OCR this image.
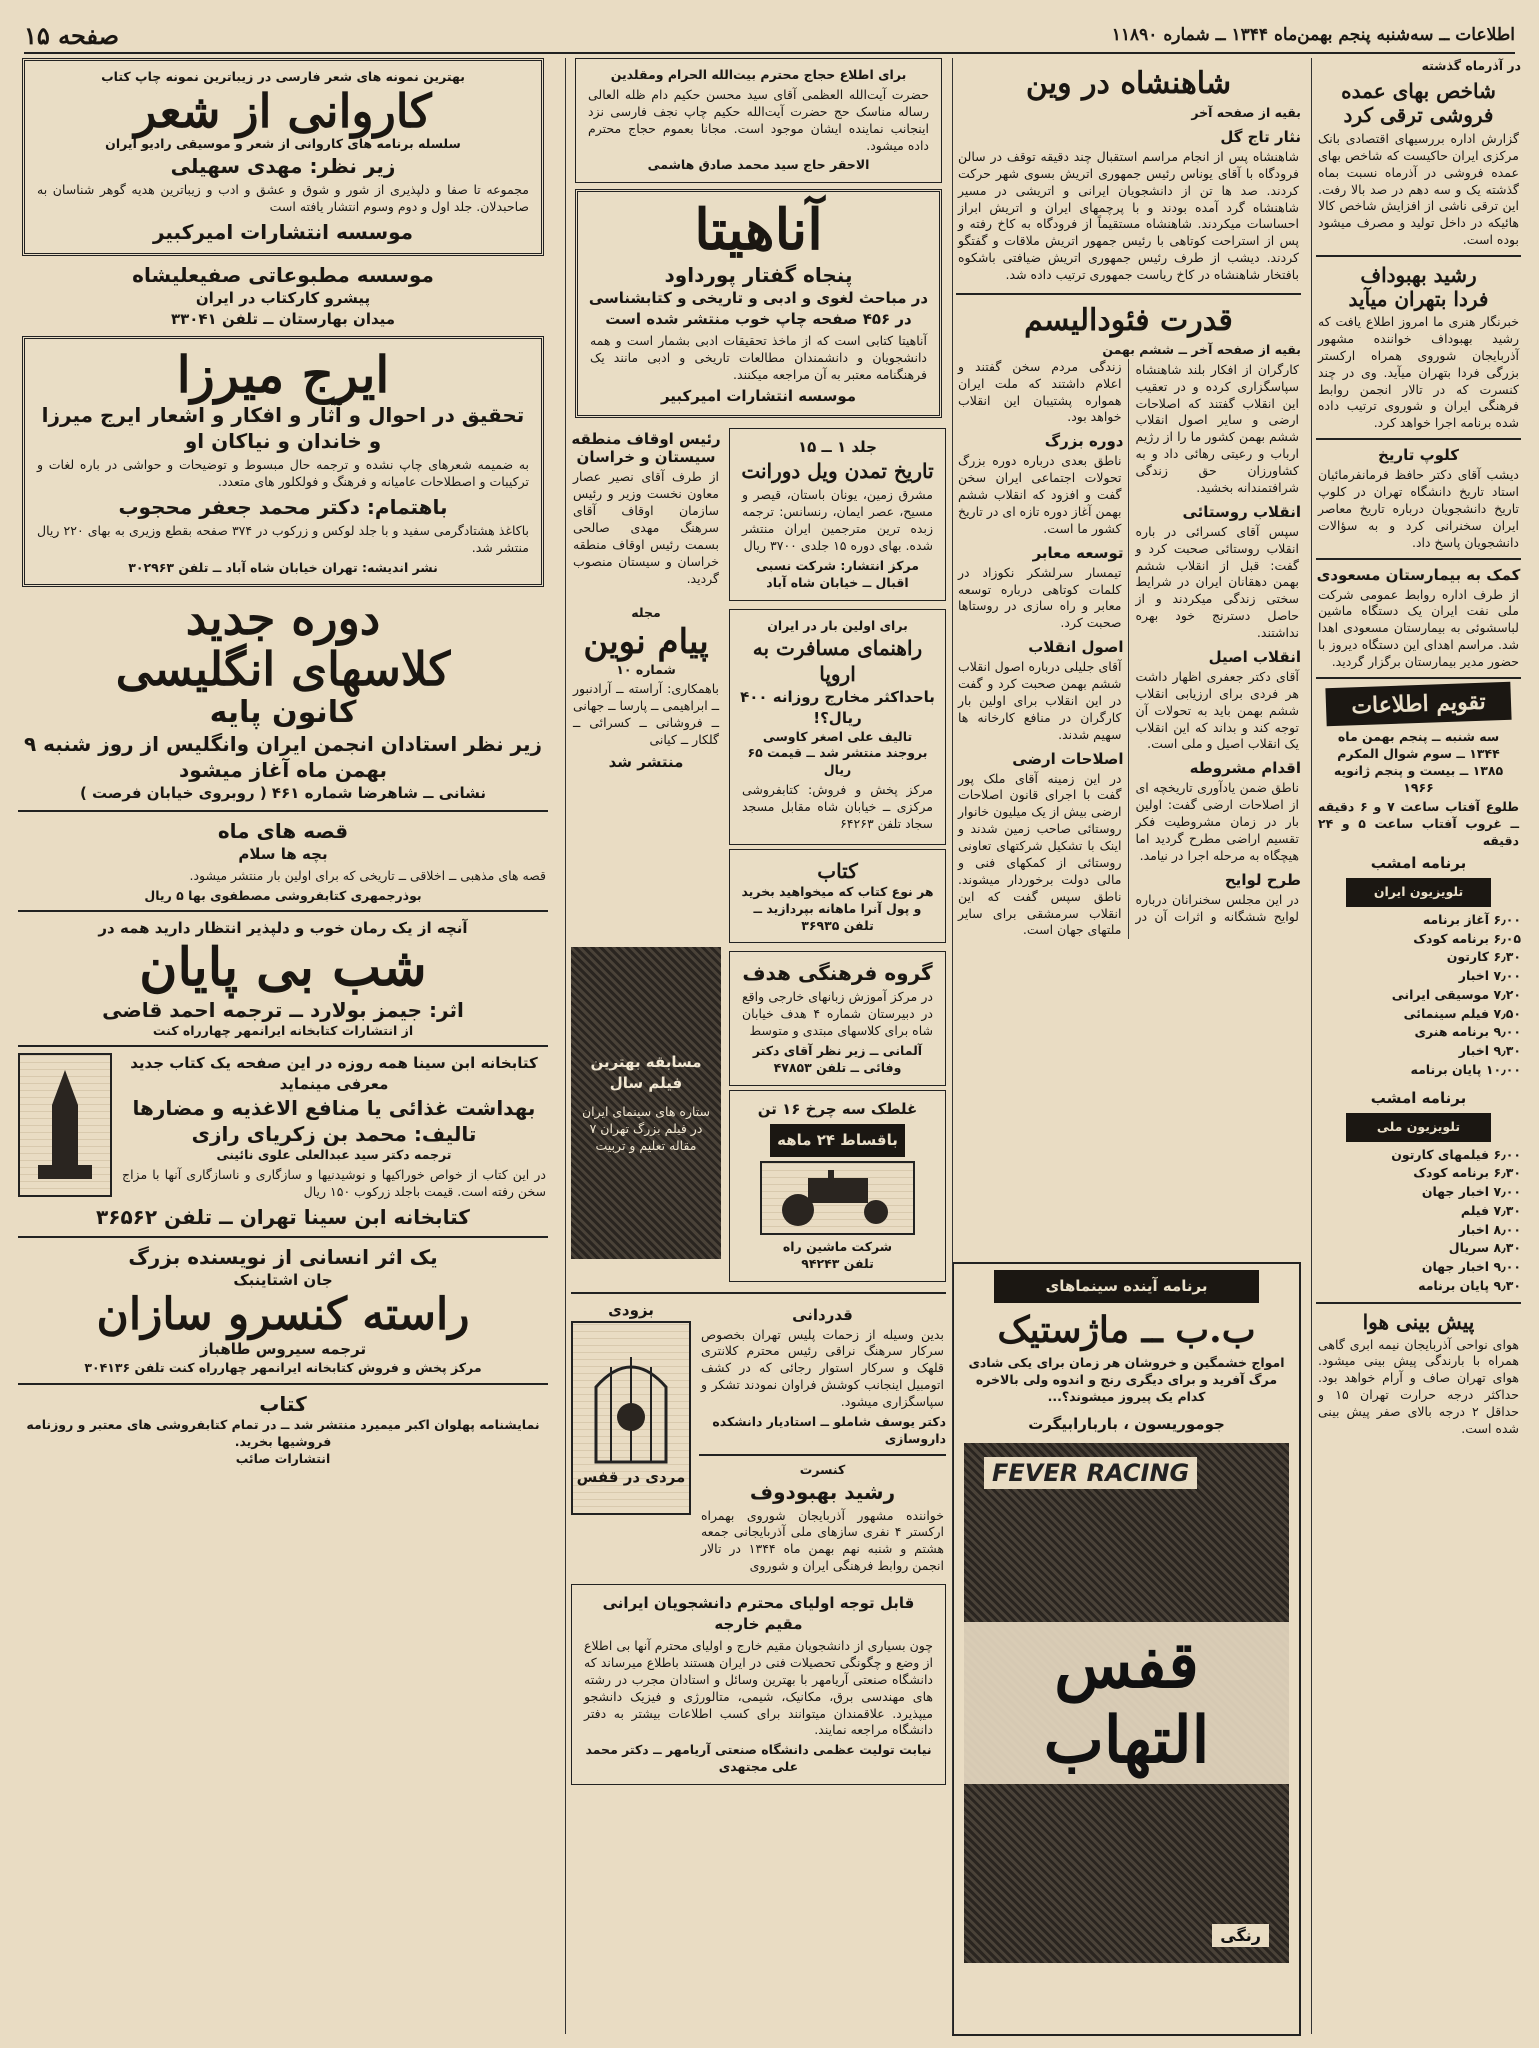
اطلاعات ــ سه‌شنبه پنجم بهمن‌ماه ۱۳۴۴ ــ شماره ۱۱۸۹۰
صفحه ۱۵
در آذرماه گذشته
شاخص بهای عمده فروشی ترقی کرد

گزارش اداره بررسیهای اقتصادی بانک مرکزی ایران حاکیست که شاخص بهای عمده فروشی در آذرماه نسبت بماه گذشته یک و سه دهم در صد بالا رفت. این ترقی ناشی از افزایش شاخص کالا هائیکه در داخل تولید و مصرف میشود بوده است.

رشید بهبوداف
فردا بتهران میآید

خبرنگار هنری ما امروز اطلاع یافت که رشید بهبوداف خواننده مشهور آذربایجان شوروی همراه ارکستر بزرگی فردا بتهران میآید. وی در چند کنسرت که در تالار انجمن روابط فرهنگی ایران و شوروی ترتیب داده شده برنامه اجرا خواهد کرد.

کلوپ تاریخ

دیشب آقای دکتر حافظ فرمانفرمائیان استاد تاریخ دانشگاه تهران در کلوپ تاریخ دانشجویان درباره تاریخ معاصر ایران سخنرانی کرد و به سؤالات دانشجویان پاسخ داد.

کمک به بیمارستان مسعودی

از طرف اداره روابط عمومی شرکت ملی نفت ایران یک دستگاه ماشین لباسشوئی به بیمارستان مسعودی اهدا شد. مراسم اهدای این دستگاه دیروز با حضور مدیر بیمارستان برگزار گردید.

تقویم اطلاعات
سه شنبه ــ پنجم بهمن ماه
۱۳۴۴ ــ سوم شوال المکرم
۱۳۸۵ ــ بیست و پنجم ژانویه
۱۹۶۶

طلوع آفتاب ساعت ۷ و ۶ دقیقه ــ غروب آفتاب ساعت ۵ و ۲۴ دقیقه

برنامه امشب
تلویزیون ایران
۶٫۰۰ آغاز برنامه
۶٫۰۵ برنامه کودک
۶٫۳۰ کارتون
۷٫۰۰ اخبار
۷٫۲۰ موسیقی ایرانی
۷٫۵۰ فیلم سینمائی
۹٫۰۰ برنامه هنری
۹٫۳۰ اخبار
۱۰٫۰۰ پایان برنامه
برنامه امشب
تلویزیون ملی
۶٫۰۰ فیلمهای کارتون
۶٫۳۰ برنامه کودک
۷٫۰۰ اخبار جهان
۷٫۳۰ فیلم
۸٫۰۰ اخبار
۸٫۳۰ سریال
۹٫۰۰ اخبار جهان
۹٫۳۰ پایان برنامه
پیش بینی هوا

هوای نواحی آذربایجان نیمه ابری گاهی همراه با بارندگی پیش بینی میشود. هوای تهران صاف و آرام خواهد بود. حداکثر درجه حرارت تهران ۱۵ و حداقل ۲ درجه بالای صفر پیش بینی شده است.

شاهنشاه در وین
بقیه از صفحه آخر
نثار تاج گل

شاهنشاه پس از انجام مراسم استقبال چند دقیقه توقف در سالن فرودگاه با آقای یوناس رئیس جمهوری اتریش بسوی شهر حرکت کردند. صد ها تن از دانشجویان ایرانی و اتریشی در مسیر شاهنشاه گرد آمده بودند و با پرچمهای ایران و اتریش ابراز احساسات میکردند. شاهنشاه مستقیماً از فرودگاه به کاخ رفته و پس از استراحت کوتاهی با رئیس جمهور اتریش ملاقات و گفتگو کردند. دیشب از طرف رئیس جمهوری اتریش ضیافتی باشکوه بافتخار شاهنشاه در کاخ ریاست جمهوری ترتیب داده شد.

قدرت فئودالیسم
بقیه از صفحه آخر ــ ششم بهمن

کارگران از افکار بلند شاهنشاه سپاسگزاری کرده و در تعقیب این انقلاب گفتند که اصلاحات ارضی و سایر اصول انقلاب ششم بهمن کشور ما را از رژیم ارباب و رعیتی رهائی داد و به کشاورزان حق زندگی شرافتمندانه بخشید.

انقلاب روستائی

سپس آقای کسرائی در باره انقلاب روستائی صحبت کرد و گفت: قبل از انقلاب ششم بهمن دهقانان ایران در شرایط سختی زندگی میکردند و از حاصل دسترنج خود بهره نداشتند.

انقلاب اصیل

آقای دکتر جعفری اظهار داشت هر فردی برای ارزیابی انقلاب ششم بهمن باید به تحولات آن توجه کند و بداند که این انقلاب یک انقلاب اصیل و ملی است.

اقدام مشروطه

ناطق ضمن یادآوری تاریخچه ای از اصلاحات ارضی گفت: اولین بار در زمان مشروطیت فکر تقسیم اراضی مطرح گردید اما هیچگاه به مرحله اجرا در نیامد.

طرح لوایح

در این مجلس سخنرانان درباره لوایح ششگانه و اثرات آن در زندگی مردم سخن گفتند و اعلام داشتند که ملت ایران همواره پشتیبان این انقلاب خواهد بود.

دوره بزرگ

ناطق بعدی درباره دوره بزرگ تحولات اجتماعی ایران سخن گفت و افزود که انقلاب ششم بهمن آغاز دوره تازه ای در تاریخ کشور ما است.

توسعه معابر

تیمسار سرلشکر نکوزاد در کلمات کوتاهی درباره توسعه معابر و راه سازی در روستاها صحبت کرد.

اصول انقلاب

آقای جلیلی درباره اصول انقلاب ششم بهمن صحبت کرد و گفت در این انقلاب برای اولین بار کارگران در منافع کارخانه ها سهیم شدند.

اصلاحات ارضی

در این زمینه آقای ملک پور گفت با اجرای قانون اصلاحات ارضی بیش از یک میلیون خانوار روستائی صاحب زمین شدند و اینک با تشکیل شرکتهای تعاونی روستائی از کمکهای فنی و مالی دولت برخوردار میشوند. ناطق سپس گفت که این انقلاب سرمشقی برای سایر ملتهای جهان است.

برنامه آینده سینماهای
ب.ب ــ ماژستیک

امواج خشمگین و خروشان هر زمان برای یکی شادی مرگ آفرید و برای دیگری رنج و اندوه ولی بالاخره کدام یک پیروز میشوند؟...

جوموریسون ، باربارابیگرت
FEVER RACING
قفس التهاب
رنگی
برای اطلاع حجاج محترم بیت‌الله الحرام ومقلدین

حضرت آیت‌الله العظمی آقای سید محسن حکیم دام ظله العالی رساله مناسک حج حضرت آیت‌الله حکیم چاپ نجف فارسی نزد اینجانب نماینده ایشان موجود است. مجانا بعموم حجاج محترم داده میشود.

الاحقر حاج سید محمد صادق هاشمی
آناهیتا
پنجاه گفتار پورداود
در مباحث لغوی و ادبی و تاریخی و کتابشناسی در ۴۵۶ صفحه چاپ خوب منتشر شده است

آناهیتا کتابی است که از ماخذ تحقیقات ادبی بشمار است و همه دانشجویان و دانشمندان مطالعات تاریخی و ادبی مانند یک فرهنگنامه معتبر به آن مراجعه میکنند.

موسسه انتشارات امیرکبیر
جلد ۱ ــ ۱۵
تاریخ تمدن ویل دورانت

مشرق زمین، یونان باستان، قیصر و مسیح، عصر ایمان، رنسانس: ترجمه زبده ترین مترجمین ایران منتشر شده. بهای دوره ۱۵ جلدی ۳۷۰۰ ریال

مرکز انتشار: شرکت نسبی اقبال ــ خیابان شاه آباد
رئیس اوقاف منطقه سیستان و خراسان

از طرف آقای نصیر عصار معاون نخست وزیر و رئیس سازمان اوقاف آقای سرهنگ مهدی صالحی بسمت رئیس اوقاف منطقه خراسان و سیستان منصوب گردید.

برای اولین بار در ایران
راهنمای مسافرت به اروپا
باحداکثر مخارج روزانه ۴۰۰ ریال؟!
تالیف علی اصغر کاوسی بروجند منتشر شد ــ قیمت ۶۵ ریال

مرکز پخش و فروش: کتابفروشی مرکزی ــ خیابان شاه مقابل مسجد سجاد تلفن ۶۴۲۶۳

کتاب
هر نوع کتاب که میخواهید بخرید و پول آنرا ماهانه بپردازید ــ تلفن ۳۶۹۳۵
مجله
پیام نوین
شماره ۱۰

باهمکاری: آراسته ــ آرادنبور ــ ابراهیمی ــ پارسا ــ جهانی ــ فروشانی ــ کسرائی ــ گلکار ــ کیانی

منتشر شد
گروه فرهنگی هدف

در مرکز آموزش زبانهای خارجی واقع در دبیرستان شماره ۴ هدف خیابان شاه برای کلاسهای مبتدی و متوسط

آلمانی ــ زیر نظر آقای دکتر وفائی ــ تلفن ۴۷۸۵۳
غلطک سه چرخ ۱۶ تن
باقساط ۲۴ ماهه
شرکت ماشین راه
تلفن ۹۴۲۴۳
مسابقه بهترین فیلم سال
ستاره های سینمای ایران در فیلم بزرگ تهران ۷ مقاله تعلیم و تربیت
قدردانی

بدین وسیله از زحمات پلیس تهران بخصوص سرکار سرهنگ نراقی رئیس محترم کلانتری قلهک و سرکار استوار رجائی که در کشف اتومبیل اینجانب کوشش فراوان نمودند تشکر و سپاسگزاری میشود.

دکتر یوسف شاملو ــ استادیار دانشکده داروسازی
کنسرت
رشید بهبودوف

خواننده مشهور آذربایجان شوروی بهمراه ارکستر ۴ نفری سازهای ملی آذربایجانی جمعه هشتم و شنبه نهم بهمن ماه ۱۳۴۴ در تالار انجمن روابط فرهنگی ایران و شوروی

بزودی
مردی در قفس
قابل توجه اولیای محترم دانشجویان ایرانی مقیم خارجه

چون بسیاری از دانشجویان مقیم خارج و اولیای محترم آنها بی اطلاع از وضع و چگونگی تحصیلات فنی در ایران هستند باطلاع میرساند که دانشگاه صنعتی آریامهر با بهترین وسائل و استادان مجرب در رشته های مهندسی برق، مکانیک، شیمی، متالورژی و فیزیک دانشجو میپذیرد. علاقمندان میتوانند برای کسب اطلاعات بیشتر به دفتر دانشگاه مراجعه نمایند.

نیابت تولیت عظمی دانشگاه صنعتی آریامهر ــ دکتر محمد علی مجتهدی
بهترین نمونه های شعر فارسی در زیباترین نمونه چاپ کتاب
کاروانی از شعر
سلسله برنامه های کاروانی از شعر و موسیقی رادیو ایران
زیر نظر: مهدی سهیلی

مجموعه تا صفا و دلپذیری از شور و شوق و عشق و ادب و زیباترین هدیه گوهر شناسان به صاحبدلان. جلد اول و دوم وسوم انتشار یافته است

موسسه انتشارات امیرکبیر
موسسه مطبوعاتی صفیعلیشاه
پیشرو کارکتاب در ایران
میدان بهارستان ــ تلفن ۳۳۰۴۱
ایرج میرزا
تحقیق در احوال و آثار و افکار و اشعار ایرج میرزا و خاندان و نیاکان او

به ضمیمه شعرهای چاپ نشده و ترجمه حال مبسوط و توضیحات و حواشی در باره لغات و ترکیبات و اصطلاحات عامیانه و فرهنگ و فولکلور های متعدد.

باهتمام: دکتر محمد جعفر محجوب

باکاغذ هشتادگرمی سفید و با جلد لوکس و زرکوب در ۳۷۴ صفحه بقطع وزیری به بهای ۲۲۰ ریال منتشر شد.

نشر اندیشه: تهران خیابان شاه آباد ــ تلفن ۳۰۲۹۶۳
دوره جدید
کلاسهای انگلیسی
کانون پایه
زیر نظر استادان انجمن ایران وانگلیس از روز شنبه ۹ بهمن ماه آغاز میشود
نشانی ــ شاهرضا شماره ۴۶۱ ( روبروی خیابان فرصت )
قصه های ماه
بچه ها سلام

قصه های مذهبی ــ اخلاقی ــ تاریخی که برای اولین بار منتشر میشود.

بوذرجمهری کتابفروشی مصطفوی بها ۵ ریال
آنچه از یک رمان خوب و دلپذیر انتظار دارید همه در
شب بی پایان
اثر: جیمز بولارد ــ ترجمه احمد قاضی
از انتشارات کتابخانه ایرانمهر چهارراه کنت
کتابخانه ابن سینا همه روزه در این صفحه یک کتاب جدید معرفی مینماید
بهداشت غذائی یا منافع الاغذیه و مضارها
تالیف: محمد بن زکریای رازی
ترجمه دکتر سید عبدالعلی علوی نائینی

در این کتاب از خواص خوراکیها و نوشیدنیها و سازگاری و ناسازگاری آنها با مزاج سخن رفته است. قیمت باجلد زرکوب ۱۵۰ ریال

کتابخانه ابن سینا تهران ــ تلفن ۳۶۵۶۲
یک اثر انسانی از نویسنده بزرگ
جان اشتاینبک
راسته کنسرو سازان
ترجمه سیروس طاهباز
مرکز پخش و فروش کتابخانه ایرانمهر چهارراه کنت تلفن ۳۰۴۱۳۶
کتاب
نمایشنامه پهلوان اکبر میمیرد منتشر شد ــ در تمام کتابفروشی های معتبر و روزنامه فروشیها بخرید.
انتشارات صائب
